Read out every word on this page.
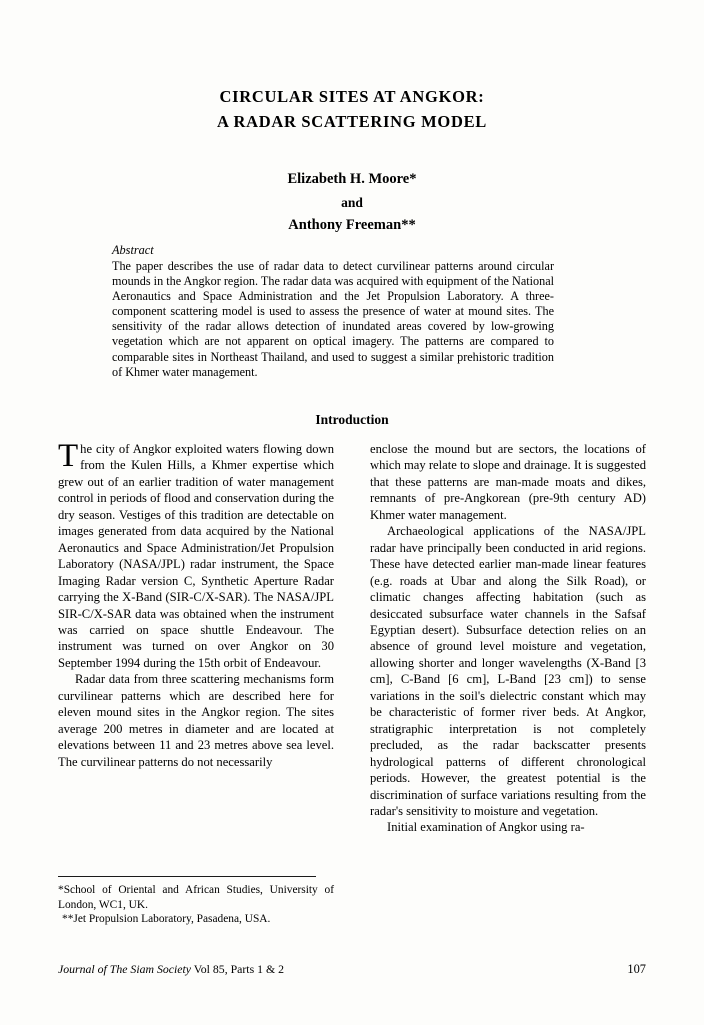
CIRCULAR SITES AT ANGKOR:
A RADAR SCATTERING MODEL
Elizabeth H. Moore*
and
Anthony Freeman**
Abstract
The paper describes the use of radar data to detect curvilinear patterns around circular mounds in the Angkor region. The radar data was acquired with equipment of the National Aeronautics and Space Administration and the Jet Propulsion Laboratory. A three-component scattering model is used to assess the presence of water at mound sites. The sensitivity of the radar allows detection of inundated areas covered by low-growing vegetation which are not apparent on optical imagery. The patterns are compared to comparable sites in Northeast Thailand, and used to suggest a similar prehistoric tradition of Khmer water management.
Introduction

The city of Angkor exploited waters flowing down from the Kulen Hills, a Khmer expertise which grew out of an earlier tradition of water management control in periods of flood and conservation during the dry season. Vestiges of this tradition are detectable on images generated from data acquired by the National Aeronautics and Space Administration/Jet Propulsion Laboratory (NASA/JPL) radar instrument, the Space Imaging Radar version C, Synthetic Aperture Radar carrying the X-Band (SIR-C/X-SAR). The NASA/JPL SIR-C/X-SAR data was obtained when the instrument was carried on space shuttle Endeavour. The instrument was turned on over Angkor on 30 September 1994 during the 15th orbit of Endeavour.

Radar data from three scattering mechanisms form curvilinear patterns which are described here for eleven mound sites in the Angkor region. The sites average 200 metres in diameter and are located at elevations between 11 and 23 metres above sea level. The curvilinear patterns do not necessarily

enclose the mound but are sectors, the locations of which may relate to slope and drainage. It is suggested that these patterns are man-made moats and dikes, remnants of pre-Angkorean (pre-9th century AD) Khmer water management.

Archaeological applications of the NASA/JPL radar have principally been conducted in arid regions. These have detected earlier man-made linear features (e.g. roads at Ubar and along the Silk Road), or climatic changes affecting habitation (such as desiccated subsurface water channels in the Safsaf Egyptian desert). Subsurface detection relies on an absence of ground level moisture and vegetation, allowing shorter and longer wavelengths (X-Band [3 cm], C-Band [6 cm], L-Band [23 cm]) to sense variations in the soil's dielectric constant which may be characteristic of former river beds. At Angkor, stratigraphic interpretation is not completely precluded, as the radar backscatter presents hydrological patterns of different chronological periods. However, the greatest potential is the discrimination of surface variations resulting from the radar's sensitivity to moisture and vegetation.

Initial examination of Angkor using ra-

*School of Oriental and African Studies, University of London, WC1, UK.
**Jet Propulsion Laboratory, Pasadena, USA.
Journal of The Siam Society Vol 85, Parts 1 & 2	107
